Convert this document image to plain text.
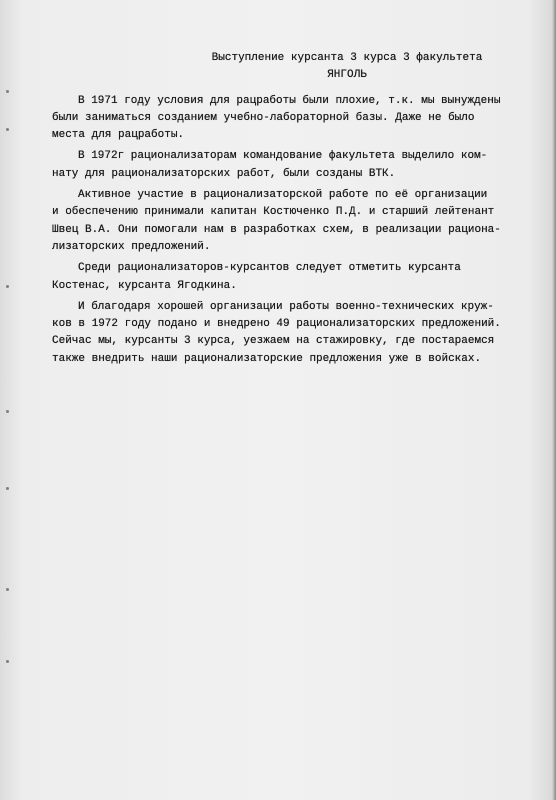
Выступление курсанта 3 курса 3 факультета
ЯНГОЛЬ
В 1971 году условия для рацработы были плохие, т.к. мы вынуждены
были заниматься созданием учебно-лабораторной базы. Даже не было
места для рацработы.
В 1972г рационализаторам командование факультета выделило ком-
нату для рационализаторских работ, были созданы ВТК.
Активное участие в рационализаторской работе по её организации
и обеспечению принимали капитан Костюченко П.Д. и старший лейтенант
Швец В.А. Они помогали нам в разработках схем, в реализации рациона-
лизаторских предложений.
Среди рационализаторов-курсантов следует отметить курсанта
Костенас, курсанта Ягодкина.
И благодаря хорошей организации работы военно-технических круж-
ков в 1972 году подано и внедрено 49 рационализаторских предложений.
Сейчас мы, курсанты 3 курса, уезжаем на стажировку, где постараемся
также внедрить наши рационализаторские предложения уже в войсках.
